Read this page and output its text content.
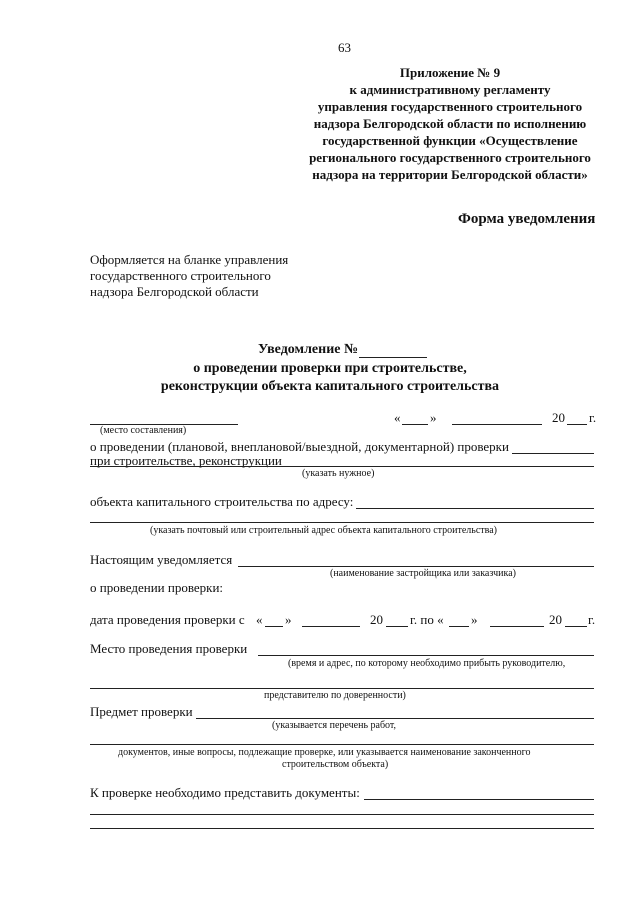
63
Приложение № 9
к административному регламенту
управления государственного строительного
надзора Белгородской области по исполнению
государственной функции «Осуществление
регионального государственного строительного
надзора на территории Белгородской области»
Форма уведомления
Оформляется на бланке управления
государственного строительного
надзора Белгородской области
Уведомление №
о проведении проверки при строительстве,
реконструкции объекта капитального строительства
(место составления)
« »	20 г.
о проведении (плановой, внеплановой/выездной, документарной) проверки
при строительстве, реконструкции
(указать нужное)
объекта капитального строительства по адресу:
(указать почтовый или строительный адрес объекта капитального строительства)
Настоящим уведомляется
(наименование застройщика или заказчика)
о проведении проверки:
дата проведения проверки с « »	20 г. по « »	20 г.
Место проведения проверки
(время и адрес, по которому необходимо прибыть руководителю,
представителю по доверенности)
Предмет проверки
(указывается перечень работ,
документов, иные вопросы, подлежащие проверке, или указывается наименование законченного
строительством объекта)
К проверке необходимо представить документы:
